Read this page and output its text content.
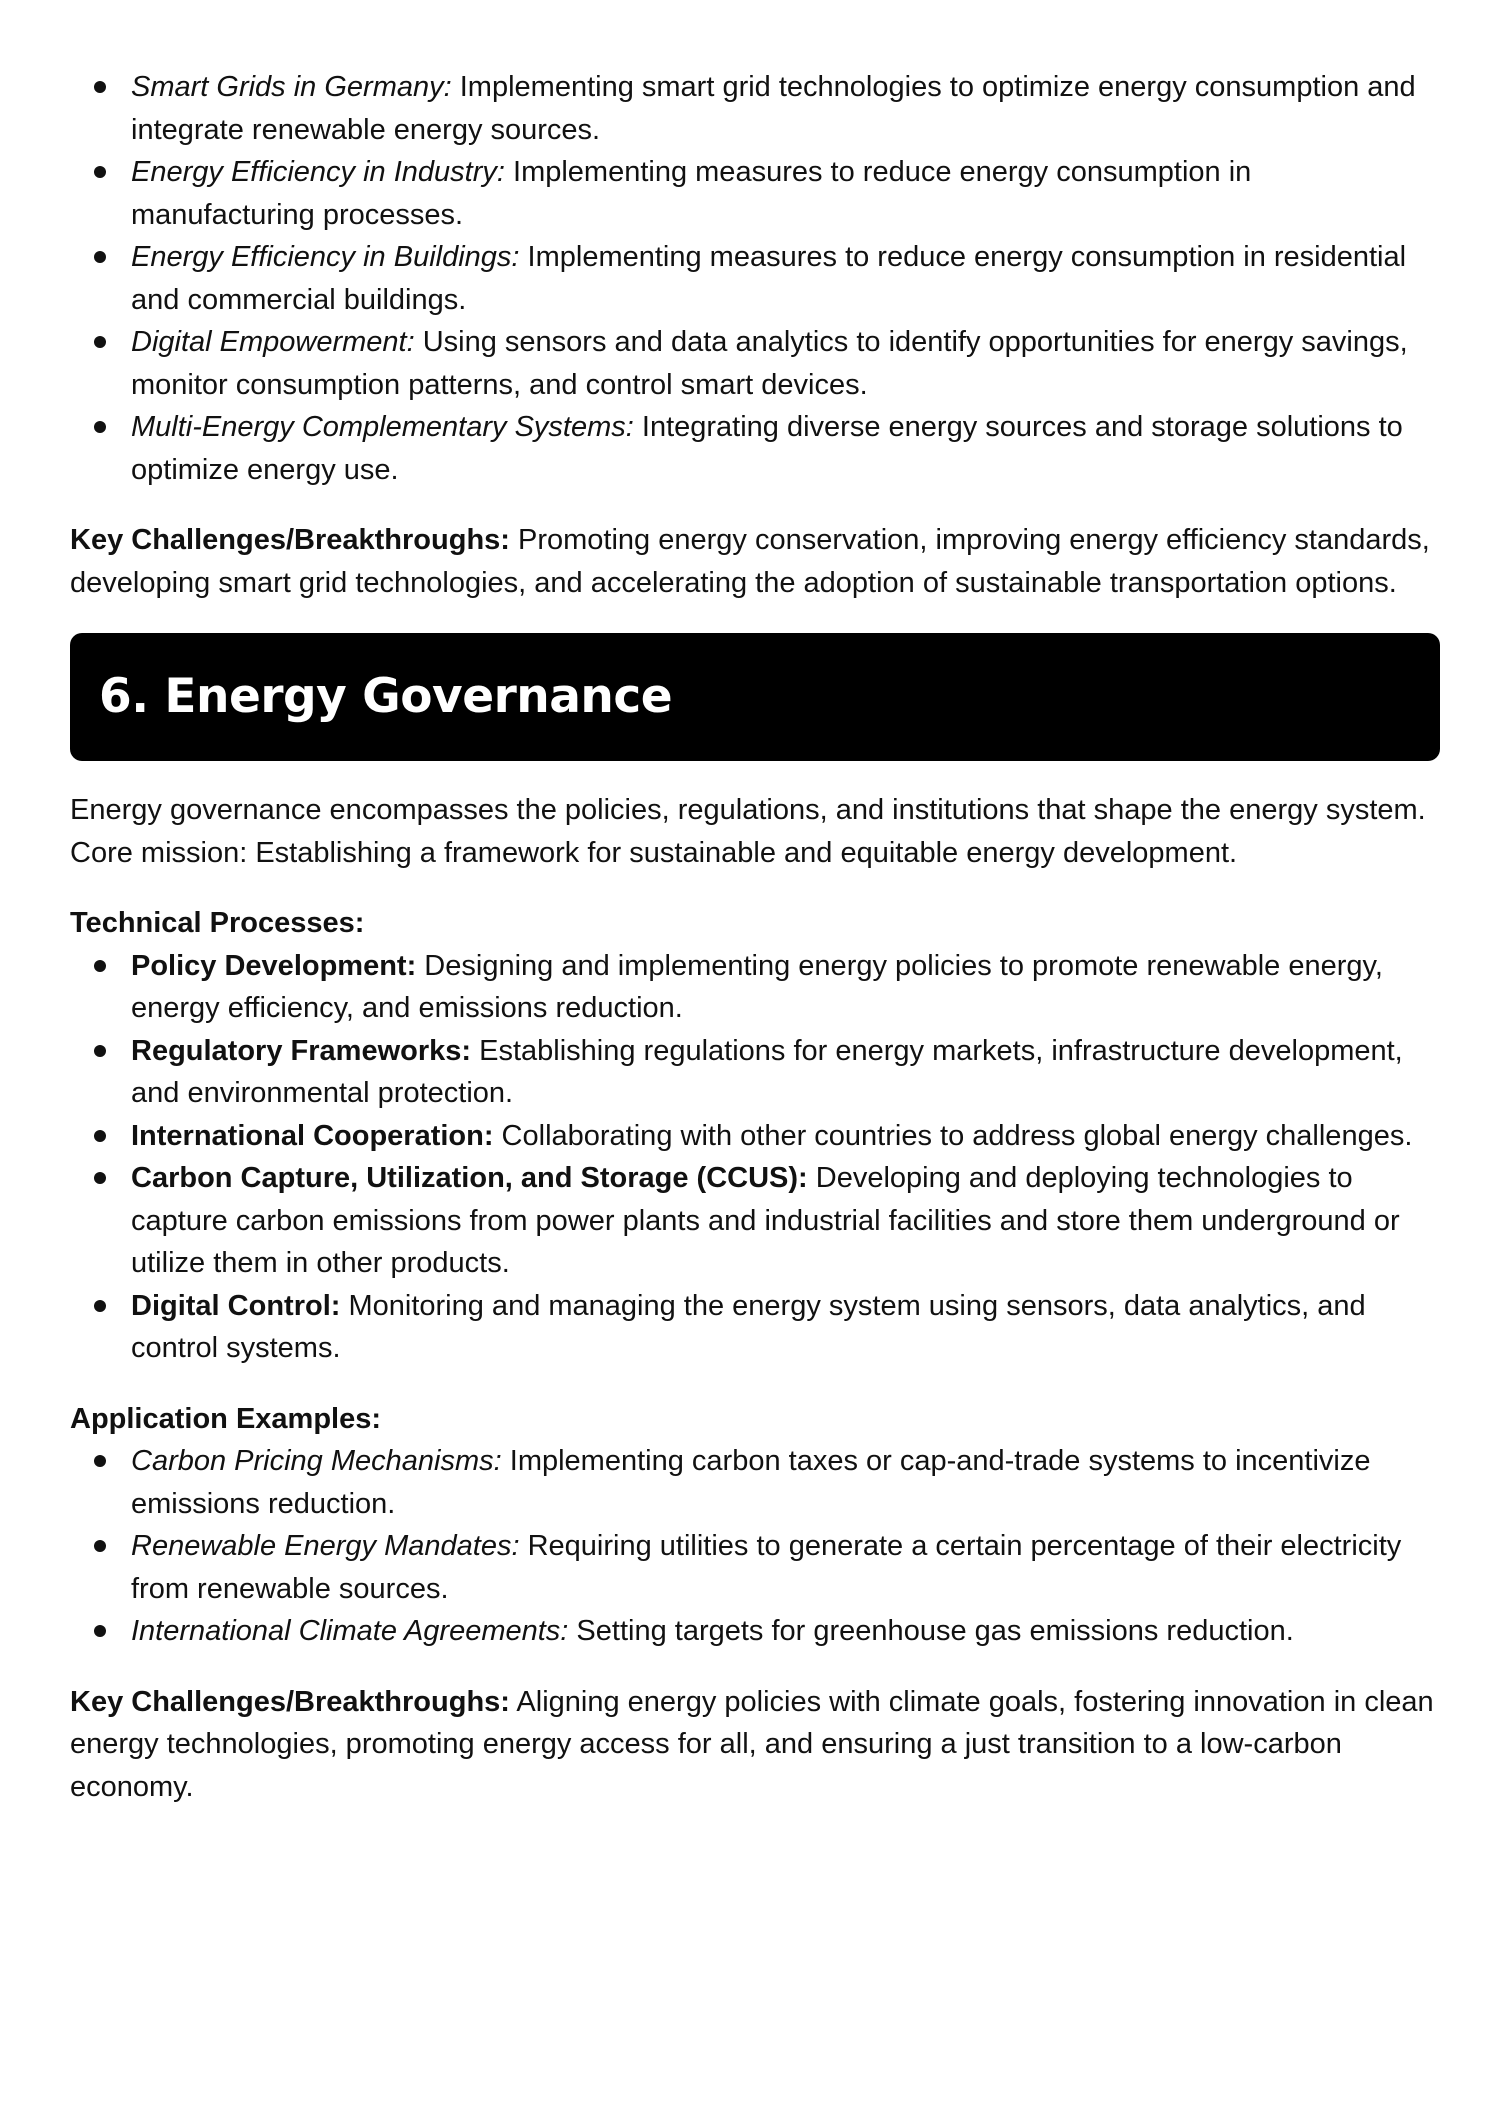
Smart Grids in Germany: Implementing smart grid technologies to optimize energy consumption and integrate renewable energy sources.
Energy Efficiency in Industry: Implementing measures to reduce energy consumption in manufacturing processes.
Energy Efficiency in Buildings: Implementing measures to reduce energy consumption in residential and commercial buildings.
Digital Empowerment: Using sensors and data analytics to identify opportunities for energy savings, monitor consumption patterns, and control smart devices.
Multi-Energy Complementary Systems: Integrating diverse energy sources and storage solutions to optimize energy use.

Key Challenges/Breakthroughs: Promoting energy conservation, improving energy efficiency standards, developing smart grid technologies, and accelerating the adoption of sustainable transportation options.

6. Energy Governance

Energy governance encompasses the policies, regulations, and institutions that shape the energy system. Core mission: Establishing a framework for sustainable and equitable energy development.

Technical Processes:

Policy Development: Designing and implementing energy policies to promote renewable energy, energy efficiency, and emissions reduction.
Regulatory Frameworks: Establishing regulations for energy markets, infrastructure development, and environmental protection.
International Cooperation: Collaborating with other countries to address global energy challenges.
Carbon Capture, Utilization, and Storage (CCUS): Developing and deploying technologies to capture carbon emissions from power plants and industrial facilities and store them underground or utilize them in other products.
Digital Control: Monitoring and managing the energy system using sensors, data analytics, and control systems.

Application Examples:

Carbon Pricing Mechanisms: Implementing carbon taxes or cap-and-trade systems to incentivize emissions reduction.
Renewable Energy Mandates: Requiring utilities to generate a certain percentage of their electricity from renewable sources.
International Climate Agreements: Setting targets for greenhouse gas emissions reduction.

Key Challenges/Breakthroughs: Aligning energy policies with climate goals, fostering innovation in clean energy technologies, promoting energy access for all, and ensuring a just transition to a low-carbon economy.
